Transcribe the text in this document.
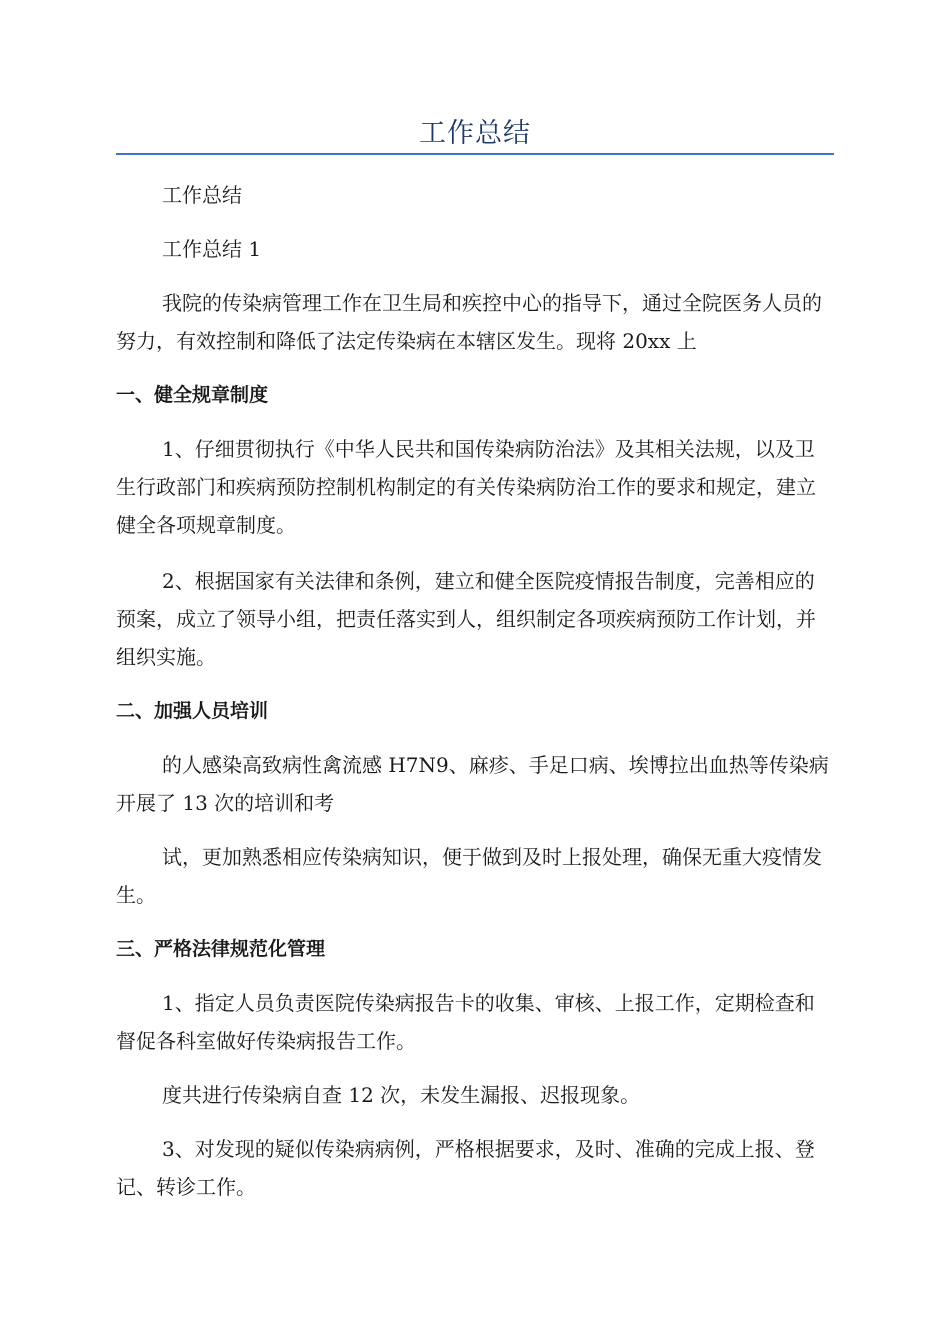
工作总结

工作总结

工作总结 1

我院的传染病管理工作在卫生局和疾控中心的指导下，通过全院医务人员的努力，有效控制和降低了法定传染病在本辖区发生。现将 20xx 上

一、健全规章制度

1、仔细贯彻执行《中华人民共和国传染病防治法》及其相关法规，以及卫生行政部门和疾病预防控制机构制定的有关传染病防治工作的要求和规定，建立健全各项规章制度。

2、根据国家有关法律和条例，建立和健全医院疫情报告制度，完善相应的预案，成立了领导小组，把责任落实到人，组织制定各项疾病预防工作计划，并组织实施。

二、加强人员培训

的人感染高致病性禽流感 H7N9、麻疹、手足口病、埃博拉出血热等传染病开展了 13 次的培训和考

试，更加熟悉相应传染病知识，便于做到及时上报处理，确保无重大疫情发生。

三、严格法律规范化管理

1、指定人员负责医院传染病报告卡的收集、审核、上报工作，定期检查和督促各科室做好传染病报告工作。

度共进行传染病自查 12 次，未发生漏报、迟报现象。

3、对发现的疑似传染病病例，严格根据要求，及时、准确的完成上报、登记、转诊工作。
